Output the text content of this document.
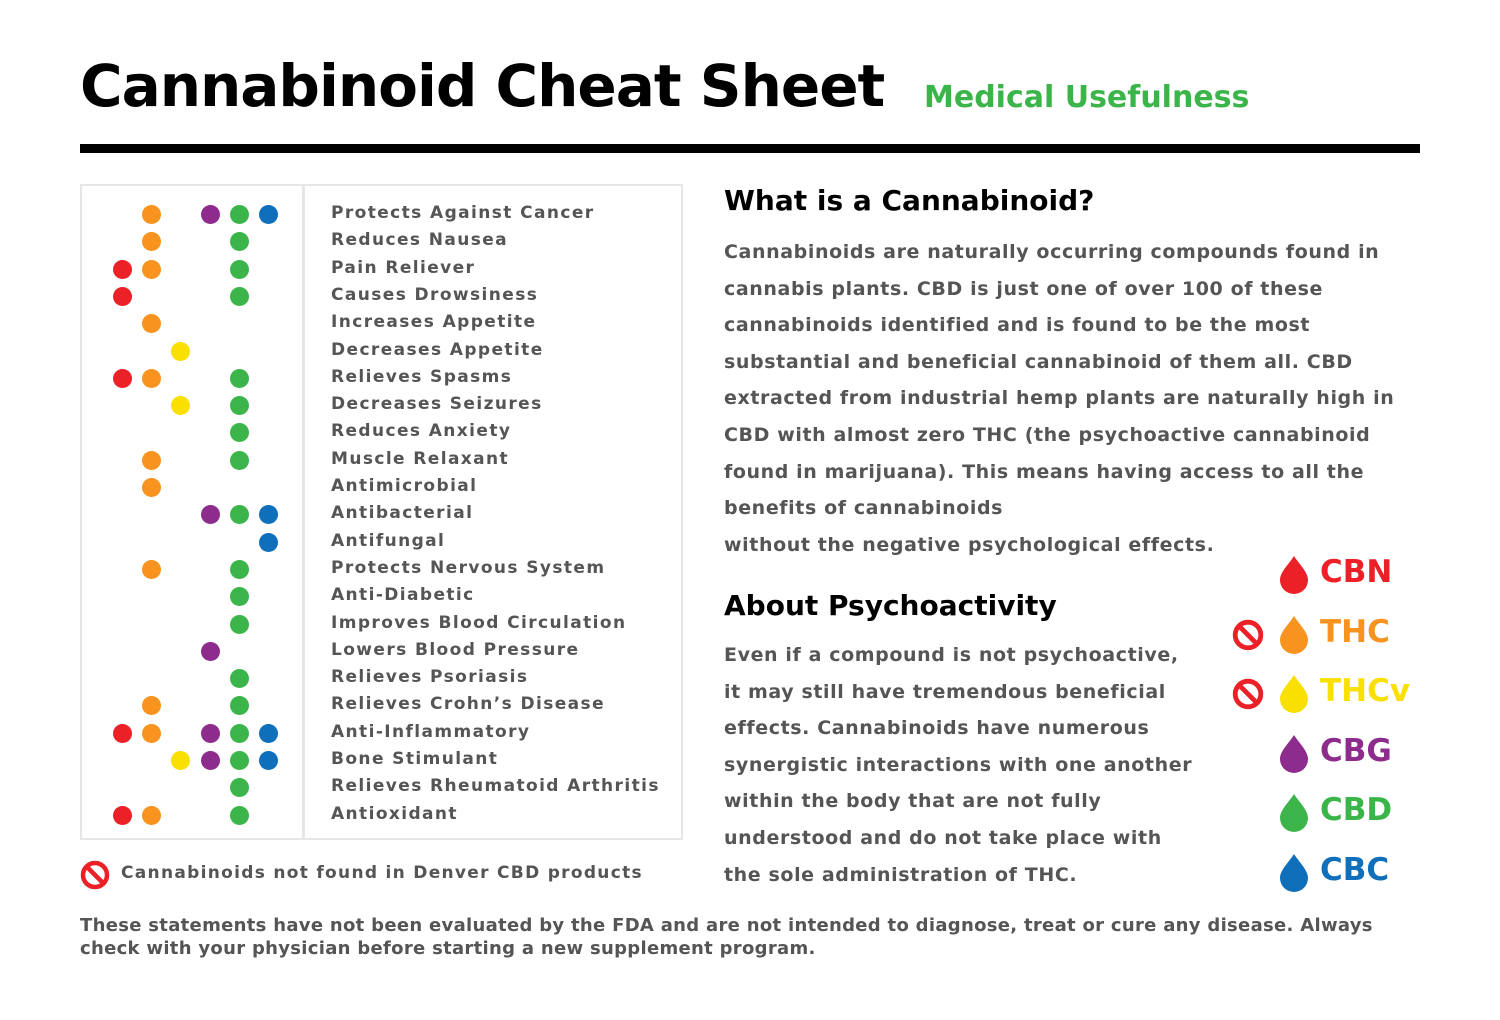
Cannabinoid Cheat Sheet Medical Usefulness
Protects Against Cancer
Reduces Nausea
Pain Reliever
Causes Drowsiness
Increases Appetite
Decreases Appetite
Relieves Spasms
Decreases Seizures
Reduces Anxiety
Muscle Relaxant
Antimicrobial
Antibacterial
Antifungal
Protects Nervous System
Anti-Diabetic
Improves Blood Circulation
Lowers Blood Pressure
Relieves Psoriasis
Relieves Crohn’s Disease
Anti-Inflammatory
Bone Stimulant
Relieves Rheumatoid Arthritis
Antioxidant
Cannabinoids not found in Denver CBD products
What is a Cannabinoid?
Cannabinoids are naturally occurring compounds found in
cannabis plants. CBD is just one of over 100 of these
cannabinoids identified and is found to be the most
substantial and beneficial cannabinoid of them all. CBD
extracted from industrial hemp plants are naturally high in
CBD with almost zero THC (the psychoactive cannabinoid
found in marijuana). This means having access to all the
benefits of cannabinoids
without the negative psychological effects.
About Psychoactivity
Even if a compound is not psychoactive,
it may still have tremendous beneficial
effects. Cannabinoids have numerous
synergistic interactions with one another
within the body that are not fully
understood and do not take place with
the sole administration of THC.
CBN
THC
THCv
CBG
CBD
CBC

These statements have not been evaluated by the FDA and are not intended to diagnose, treat or cure any disease. Always check with your physician before starting a new supplement program.
